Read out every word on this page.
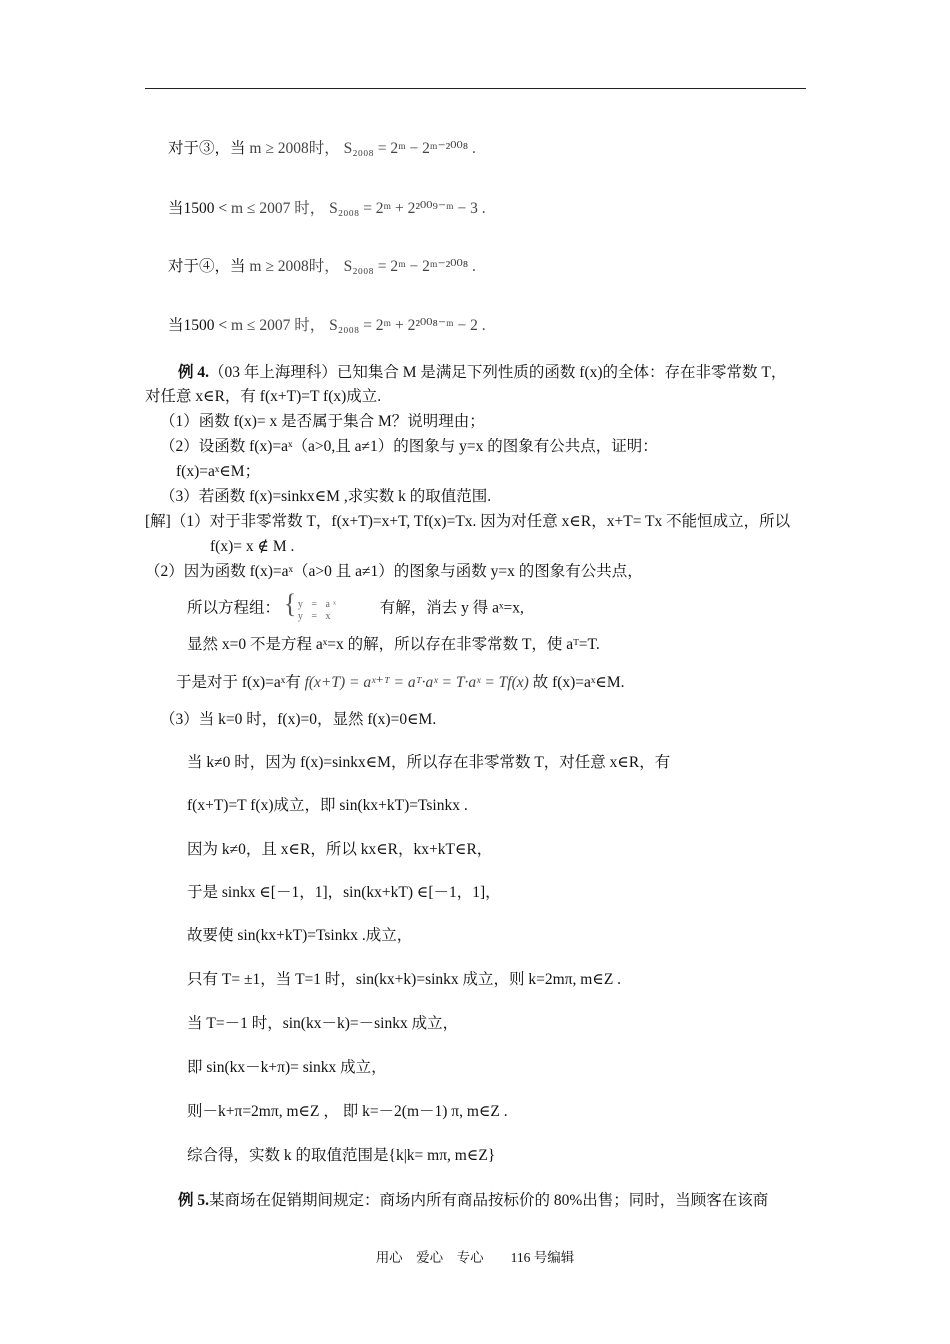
对于③，当 m ≥ 2008时， S₂₀₀₈ = 2ᵐ − 2ᵐ⁻²⁰⁰⁸ .
当1500 < m ≤ 2007 时， S₂₀₀₈ = 2ᵐ + 2²⁰⁰⁹⁻ᵐ − 3 .
对于④，当 m ≥ 2008时， S₂₀₀₈ = 2ᵐ − 2ᵐ⁻²⁰⁰⁸ .
当1500 < m ≤ 2007 时， S₂₀₀₈ = 2ᵐ + 2²⁰⁰⁸⁻ᵐ − 2 .
例 4.（03 年上海理科）已知集合 M 是满足下列性质的函数 f(x)的全体：存在非零常数 T，
对任意 x∈R，有 f(x+T)=T f(x)成立.
（1）函数 f(x)= x 是否属于集合 M？说明理由；
（2）设函数 f(x)=aˣ（a>0,且 a≠1）的图象与 y=x 的图象有公共点，证明：
f(x)=aˣ∈M；
（3）若函数 f(x)=sinkx∈M ,求实数 k 的取值范围.
[解]（1）对于非零常数 T，f(x+T)=x+T, Tf(x)=Tx. 因为对任意 x∈R，x+T= Tx 不能恒成立，所以
f(x)= x ∉ M .
（2）因为函数 f(x)=aˣ（a>0 且 a≠1）的图象与函数 y=x 的图象有公共点，
所以方程组： { y = aˣ
y = x	有解，消去 y 得 aˣ=x,
显然 x=0 不是方程 aˣ=x 的解，所以存在非零常数 T，使 aᵀ=T.
于是对于 f(x)=aˣ有 f(x+T) = aˣ⁺ᵀ = aᵀ·aˣ = T·aˣ = Tf(x) 故 f(x)=aˣ∈M.
（3）当 k=0 时，f(x)=0，显然 f(x)=0∈M.
当 k≠0 时，因为 f(x)=sinkx∈M，所以存在非零常数 T，对任意 x∈R，有
f(x+T)=T f(x)成立，即 sin(kx+kT)=Tsinkx .
因为 k≠0，且 x∈R，所以 kx∈R，kx+kT∈R，
于是 sinkx ∈[－1，1]，sin(kx+kT) ∈[－1，1]，
故要使 sin(kx+kT)=Tsinkx .成立，
只有 T= ±1，当 T=1 时，sin(kx+k)=sinkx 成立，则 k=2mπ, m∈Z .
当 T=－1 时，sin(kx－k)=－sinkx 成立，
即 sin(kx－k+π)= sinkx 成立，
则－k+π=2mπ, m∈Z ， 即 k=－2(m－1) π, m∈Z .
综合得，实数 k 的取值范围是{k|k= mπ, m∈Z}
例 5.某商场在促销期间规定：商场内所有商品按标价的 80%出售；同时，当顾客在该商
用心　爱心　专心　　116 号编辑
